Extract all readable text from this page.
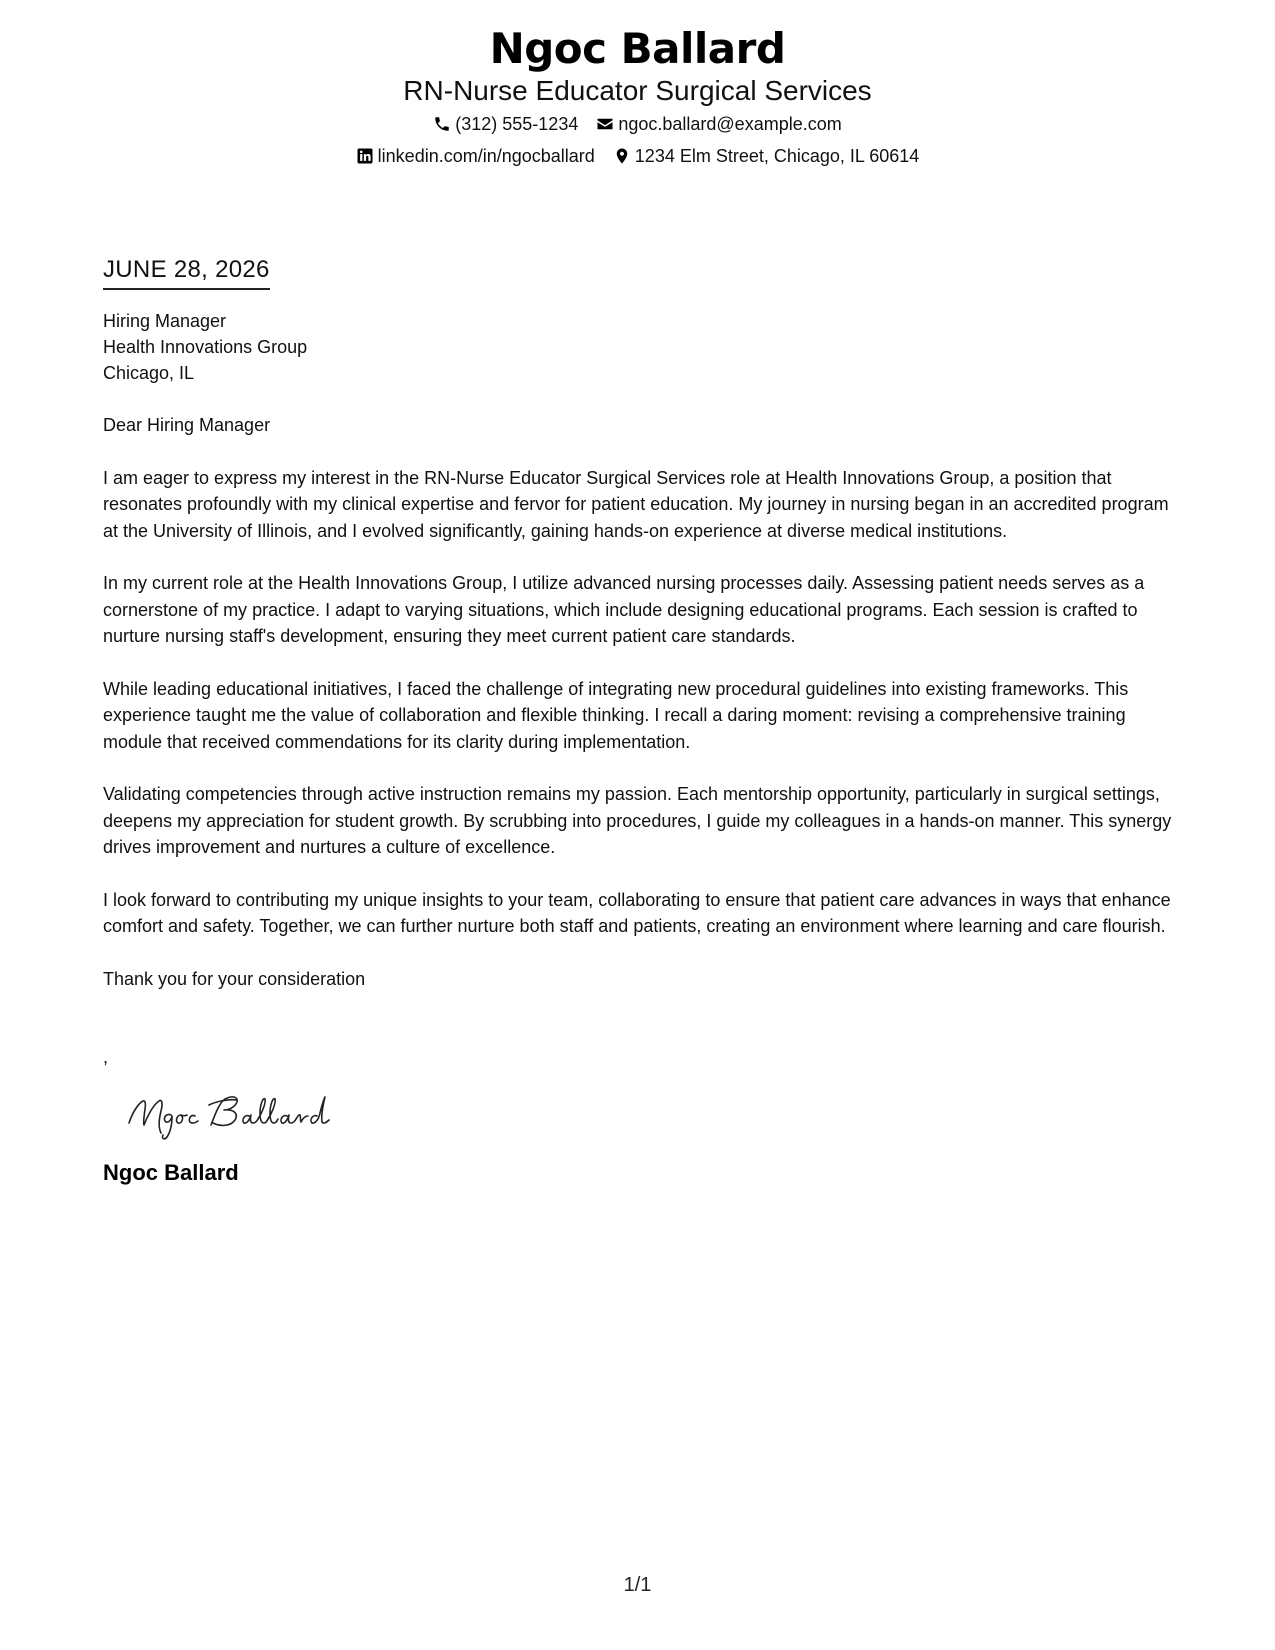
Ngoc Ballard
RN-Nurse Educator Surgical Services
(312) 555-1234 ngoc.ballard@example.com
linkedin.com/in/ngocballard 1234 Elm Street, Chicago, IL 60614
JUNE 28, 2026
Hiring Manager
Health Innovations Group
Chicago, IL
Dear Hiring Manager
I am eager to express my interest in the RN-Nurse Educator Surgical Services role at Health Innovations Group, a position that resonates profoundly with my clinical expertise and fervor for patient education. My journey in nursing began in an accredited program at the University of Illinois, and I evolved significantly, gaining hands-on experience at diverse medical institutions.
In my current role at the Health Innovations Group, I utilize advanced nursing processes daily. Assessing patient needs serves as a cornerstone of my practice. I adapt to varying situations, which include designing educational programs. Each session is crafted to nurture nursing staff's development, ensuring they meet current patient care standards.
While leading educational initiatives, I faced the challenge of integrating new procedural guidelines into existing frameworks. This experience taught me the value of collaboration and flexible thinking. I recall a daring moment: revising a comprehensive training module that received commendations for its clarity during implementation.
Validating competencies through active instruction remains my passion. Each mentorship opportunity, particularly in surgical settings, deepens my appreciation for student growth. By scrubbing into procedures, I guide my colleagues in a hands-on manner. This synergy drives improvement and nurtures a culture of excellence.
I look forward to contributing my unique insights to your team, collaborating to ensure that patient care advances in ways that enhance comfort and safety. Together, we can further nurture both staff and patients, creating an environment where learning and care flourish.
Thank you for your consideration
,
Ngoc Ballard
1/1
